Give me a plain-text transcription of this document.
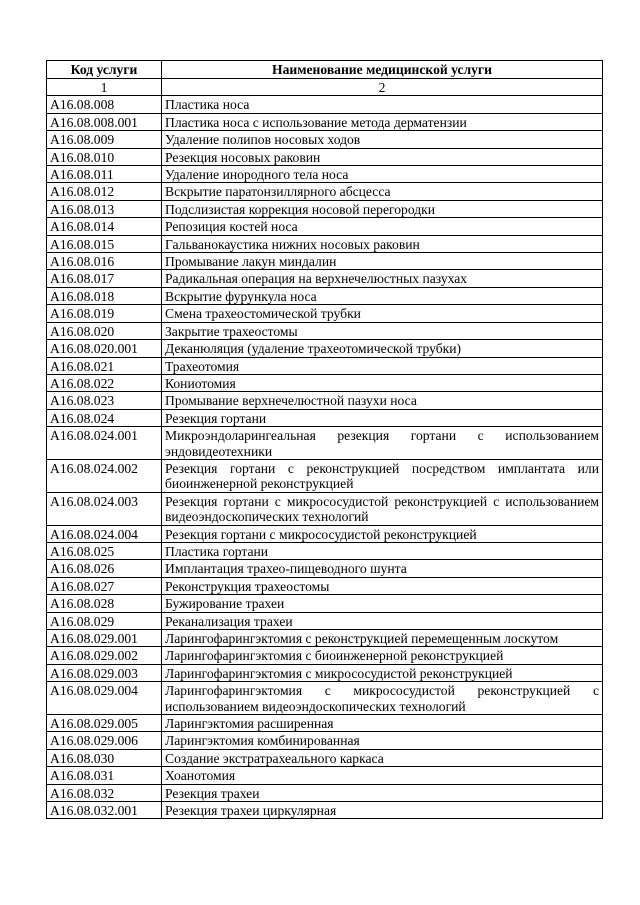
Код услуги	Наименование медицинской услуги
1	2
A16.08.008	Пластика носа
A16.08.008.001	Пластика носа с использование метода дерматензии
A16.08.009	Удаление полипов носовых ходов
A16.08.010	Резекция носовых раковин
A16.08.011	Удаление инородного тела носа
A16.08.012	Вскрытие паратонзиллярного абсцесса
A16.08.013	Подслизистая коррекция носовой перегородки
A16.08.014	Репозиция костей носа
A16.08.015	Гальванокаустика нижних носовых раковин
A16.08.016	Промывание лакун миндалин
A16.08.017	Радикальная операция на верхнечелюстных пазухах
A16.08.018	Вскрытие фурункула носа
A16.08.019	Смена трахеостомической трубки
A16.08.020	Закрытие трахеостомы
A16.08.020.001	Деканюляция (удаление трахеотомической трубки)
A16.08.021	Трахеотомия
A16.08.022	Кониотомия
A16.08.023	Промывание верхнечелюстной пазухи носа
A16.08.024	Резекция гортани
A16.08.024.001	Микроэндоларингеальная резекция гортани с использованием эндовидеотехники
A16.08.024.002	Резекция гортани с реконструкцией посредством имплантата или биоинженерной реконструкцией
A16.08.024.003	Резекция гортани с микрососудистой реконструкцией с использованием видеоэндоскопических технологий
A16.08.024.004	Резекция гортани с микрососудистой реконструкцией
A16.08.025	Пластика гортани
A16.08.026	Имплантация трахео-пищеводного шунта
A16.08.027	Реконструкция трахеостомы
A16.08.028	Бужирование трахеи
A16.08.029	Реканализация трахеи
A16.08.029.001	Ларингофарингэктомия с реконструкцией перемещенным лоскутом
A16.08.029.002	Ларингофарингэктомия с биоинженерной реконструкцией
A16.08.029.003	Ларингофарингэктомия с микрососудистой реконструкцией
A16.08.029.004	Ларингофарингэктомия с микрососудистой реконструкцией с использованием видеоэндоскопических технологий
A16.08.029.005	Ларингэктомия расширенная
A16.08.029.006	Ларингэктомия комбинированная
A16.08.030	Создание экстратрахеального каркаса
A16.08.031	Хоанотомия
A16.08.032	Резекция трахеи
A16.08.032.001	Резекция трахеи циркулярная
